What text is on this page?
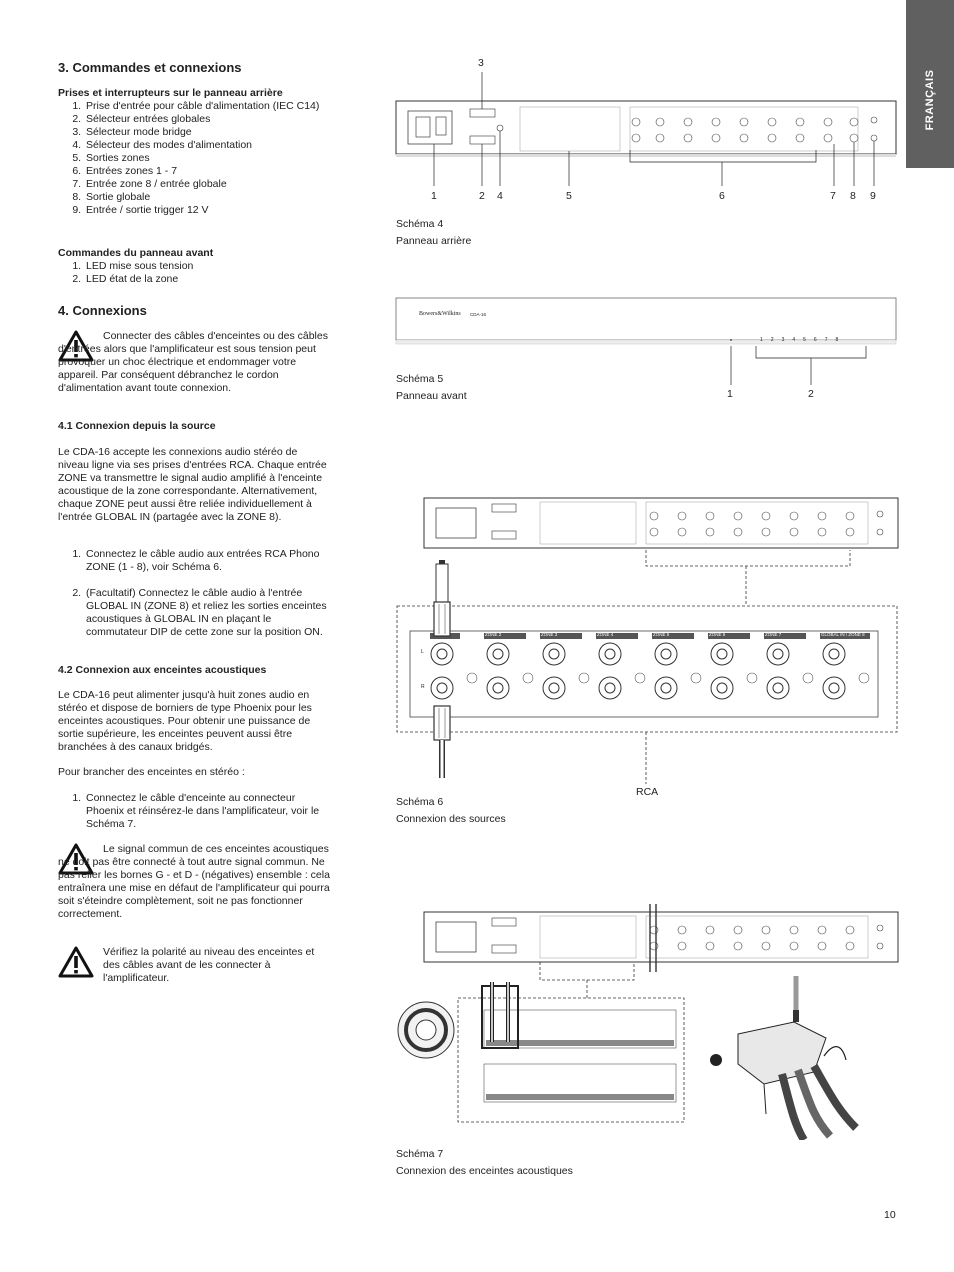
FRANÇAIS
3. Commandes et connexions
Prises et interrupteurs sur le panneau arrière
1. Prise d'entrée pour câble d'alimentation (IEC C14)
2. Sélecteur entrées globales
3. Sélecteur mode bridge
4. Sélecteur des modes d'alimentation
5. Sorties zones
6. Entrées zones 1 - 7
7. Entrée zone 8 / entrée globale
8. Sortie globale
9. Entrée / sortie trigger 12 V
Commandes du panneau avant
1. LED mise sous tension
2. LED état de la zone
4. Connexions
Connecter des câbles d'enceintes ou des câbles d'entrées alors que l'amplificateur est sous tension peut provoquer un choc électrique et endommager votre appareil. Par conséquent débranchez le cordon d'alimentation avant toute connexion.
4.1 Connexion depuis la source
Le CDA-16 accepte les connexions audio stéréo de niveau ligne via ses prises d'entrées RCA. Chaque entrée ZONE va transmettre le signal audio amplifié à l'enceinte acoustique de la zone correspondante. Alternativement, chaque ZONE peut aussi être reliée individuellement à l'entrée GLOBAL IN (partagée avec la ZONE 8).
1. Connectez le câble audio aux entrées RCA Phono ZONE (1 - 8), voir Schéma 6.
2. (Facultatif) Connectez le câble audio à l'entrée GLOBAL IN (ZONE 8) et reliez les sorties enceintes acoustiques à GLOBAL IN en plaçant le commutateur DIP de cette zone sur la position ON.
4.2 Connexion aux enceintes acoustiques
Le CDA-16 peut alimenter jusqu'à huit zones audio en stéréo et dispose de borniers de type Phoenix pour les enceintes acoustiques. Pour obtenir une puissance de sortie supérieure, les enceintes peuvent aussi être branchées à des canaux bridgés.
Pour brancher des enceintes en stéréo :
1. Connectez le câble d'enceinte au connecteur Phoenix et réinsérez-le dans l'amplificateur, voir le Schéma 7.
Le signal commun de ces enceintes acoustiques ne doit pas être connecté à tout autre signal commun. Ne pas relier les bornes G - et D - (négatives) ensemble : cela entraînera une mise en défaut de l'amplificateur qui pourra soit s'éteindre complètement, soit ne pas fonctionner correctement.
Vérifiez la polarité au niveau des enceintes et des câbles avant de les connecter à l'amplificateur.
3
1	2 4	5	6	7 8 9
Schéma 4
Panneau arrière
Bowers&Wilkins CDA-16
1 2 3 4 5 6 7 8
1	2
Schéma 5
Panneau avant
ZONE 2	ZONE 3	ZONE 4	ZONE 5	ZONE 6	ZONE 7	GLOBAL IN / ZONE 8
L
R
RCA
Schéma 6
Connexion des sources
Schéma 7
Connexion des enceintes acoustiques
10
